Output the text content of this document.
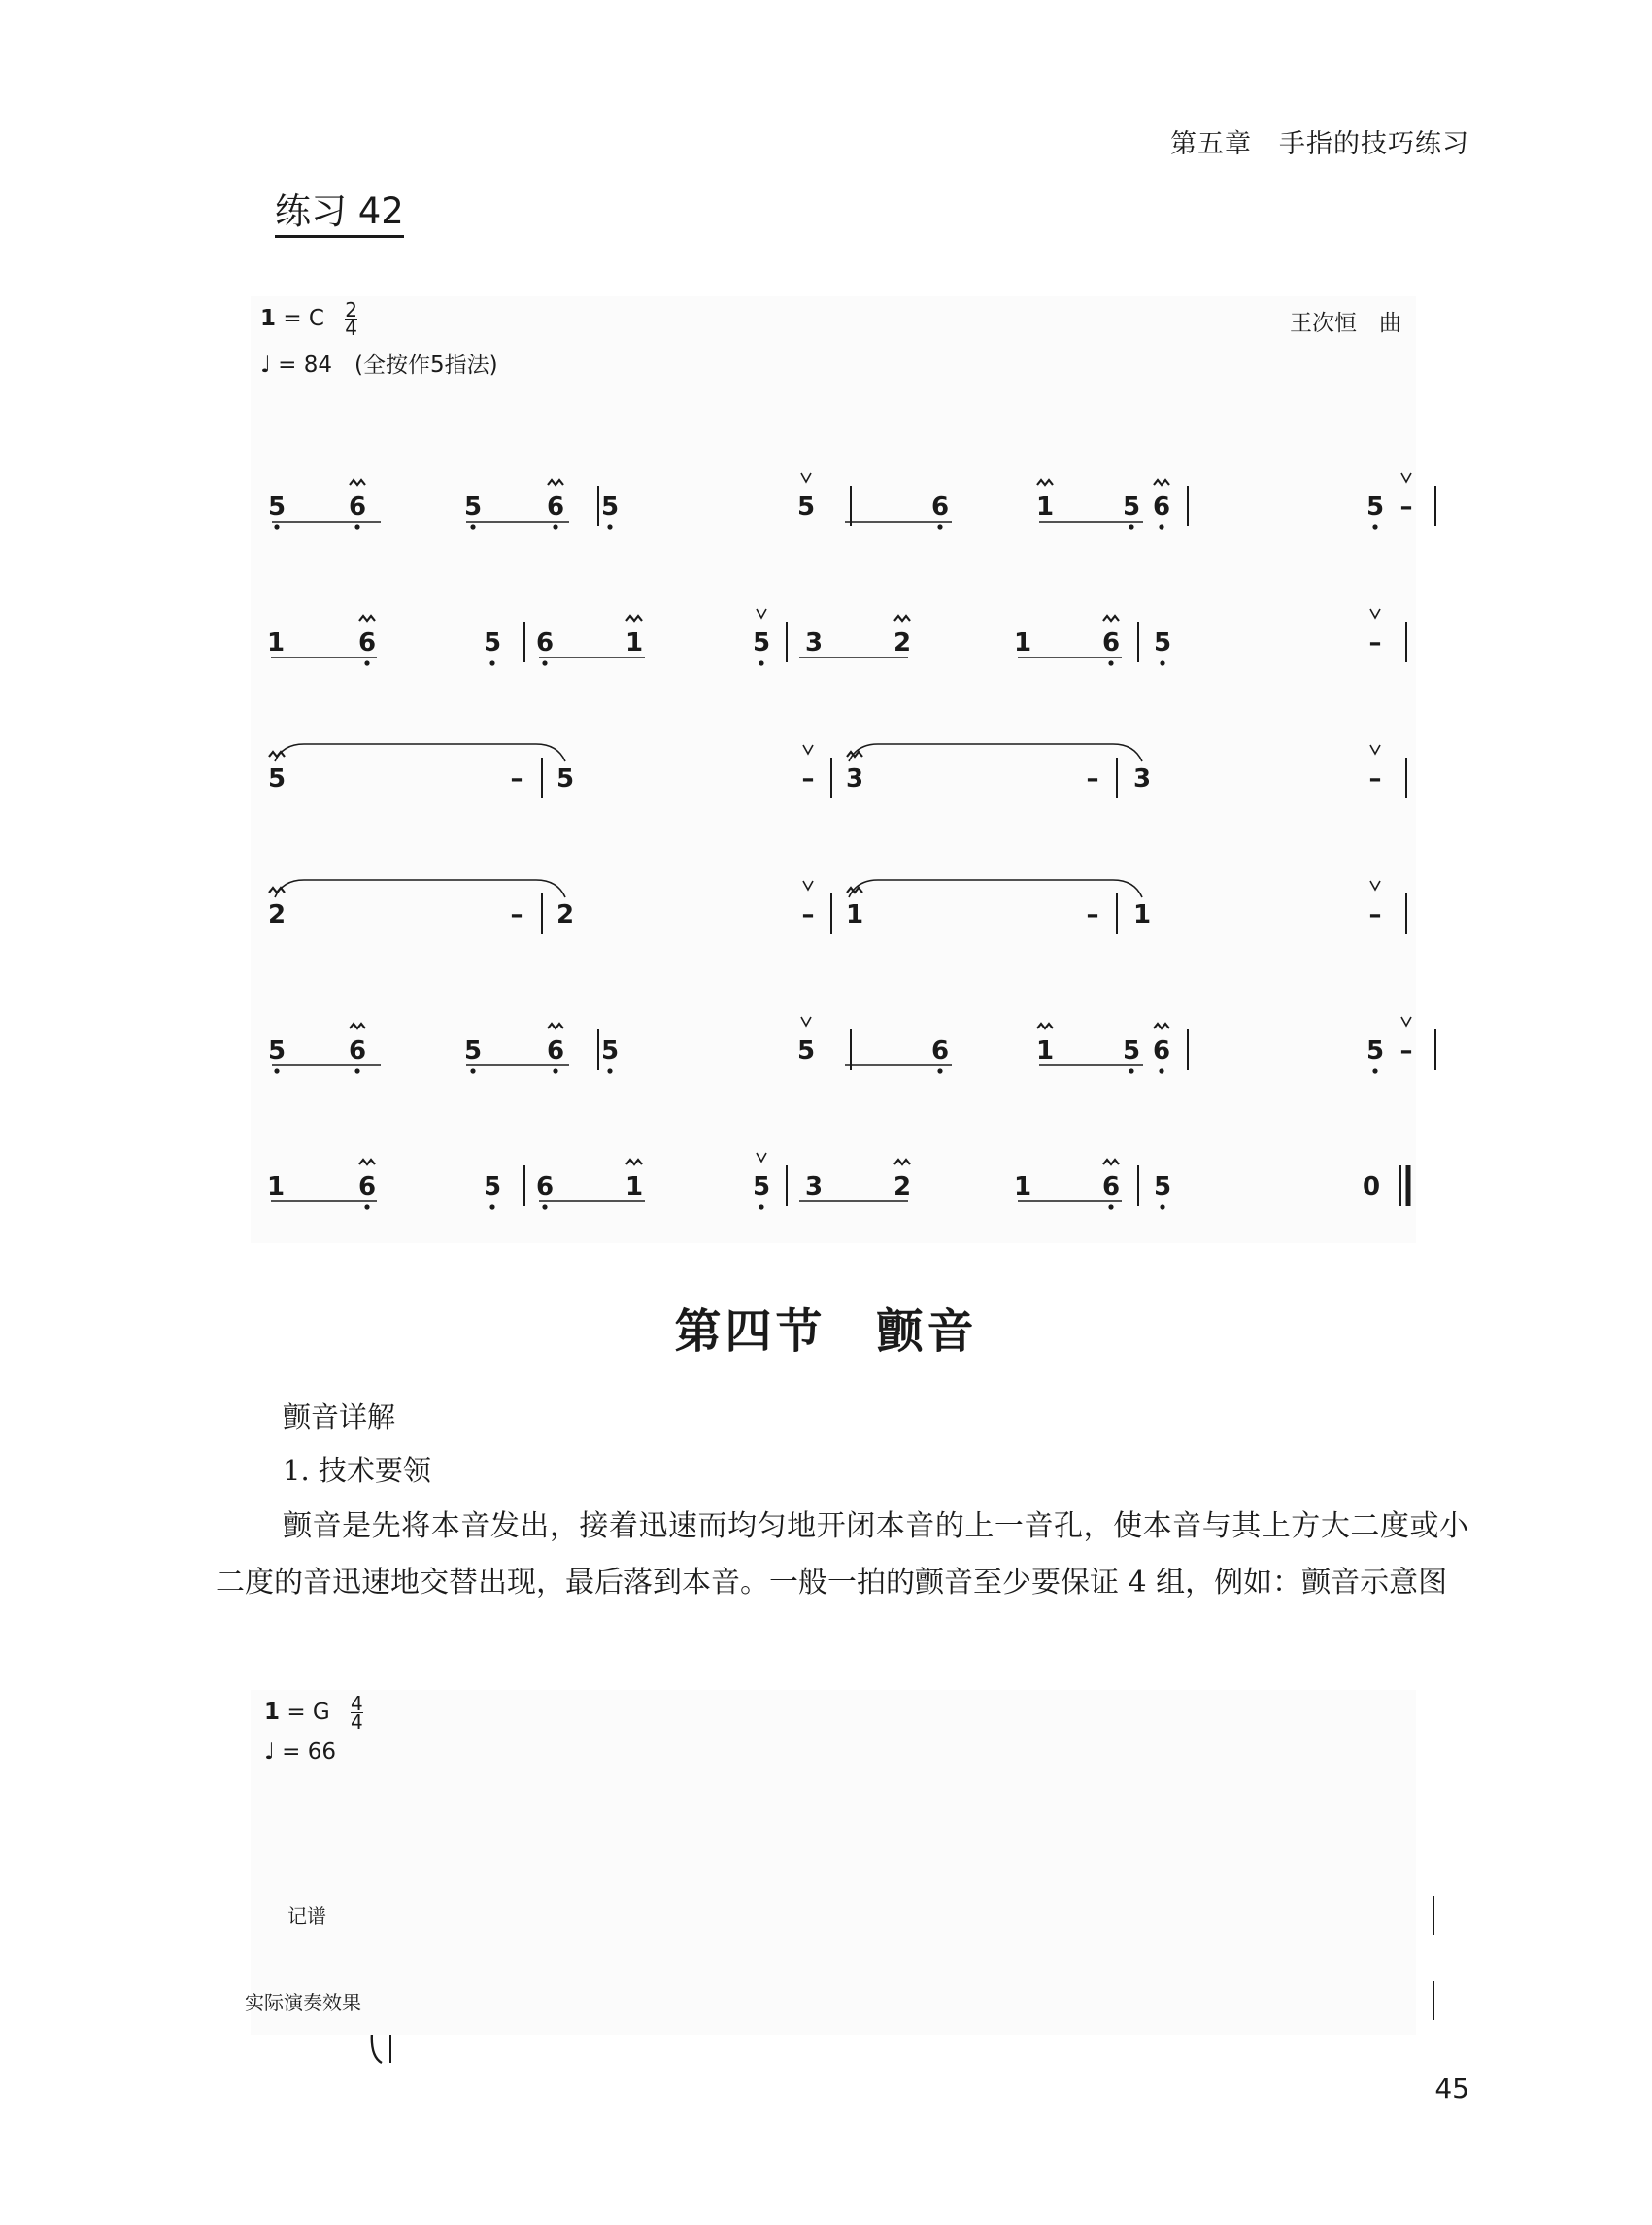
第五章　手指的技巧练习
练习 42
1 = C $\frac{2}{4}$
♩ = 84　(全按作5指法)
王次恒　曲
5 6	5	6 5	5	6	1	5 6	5 –
1	6	5 6	1	5 3	2	1	6 5	–
5	– 5	– 3	– 3	–
2	– 2	– 1	– 1	–
5 6	5	6 5	5	6	1	5 6	5 –
1	6	5 6	1	5 3	2	1	6 5	0
第四节　颤音
颤音详解
1. 技术要领
颤音是先将本音发出，接着迅速而均匀地开闭本音的上一音孔，使本音与其上方大二度或小二度的音迅速地交替出现，最后落到本音。一般一拍的颤音至少要保证 4 组，例如：颤音示意图
1 = G $\frac{4}{4}$
♩ = 66
记谱
实际演奏效果
45
